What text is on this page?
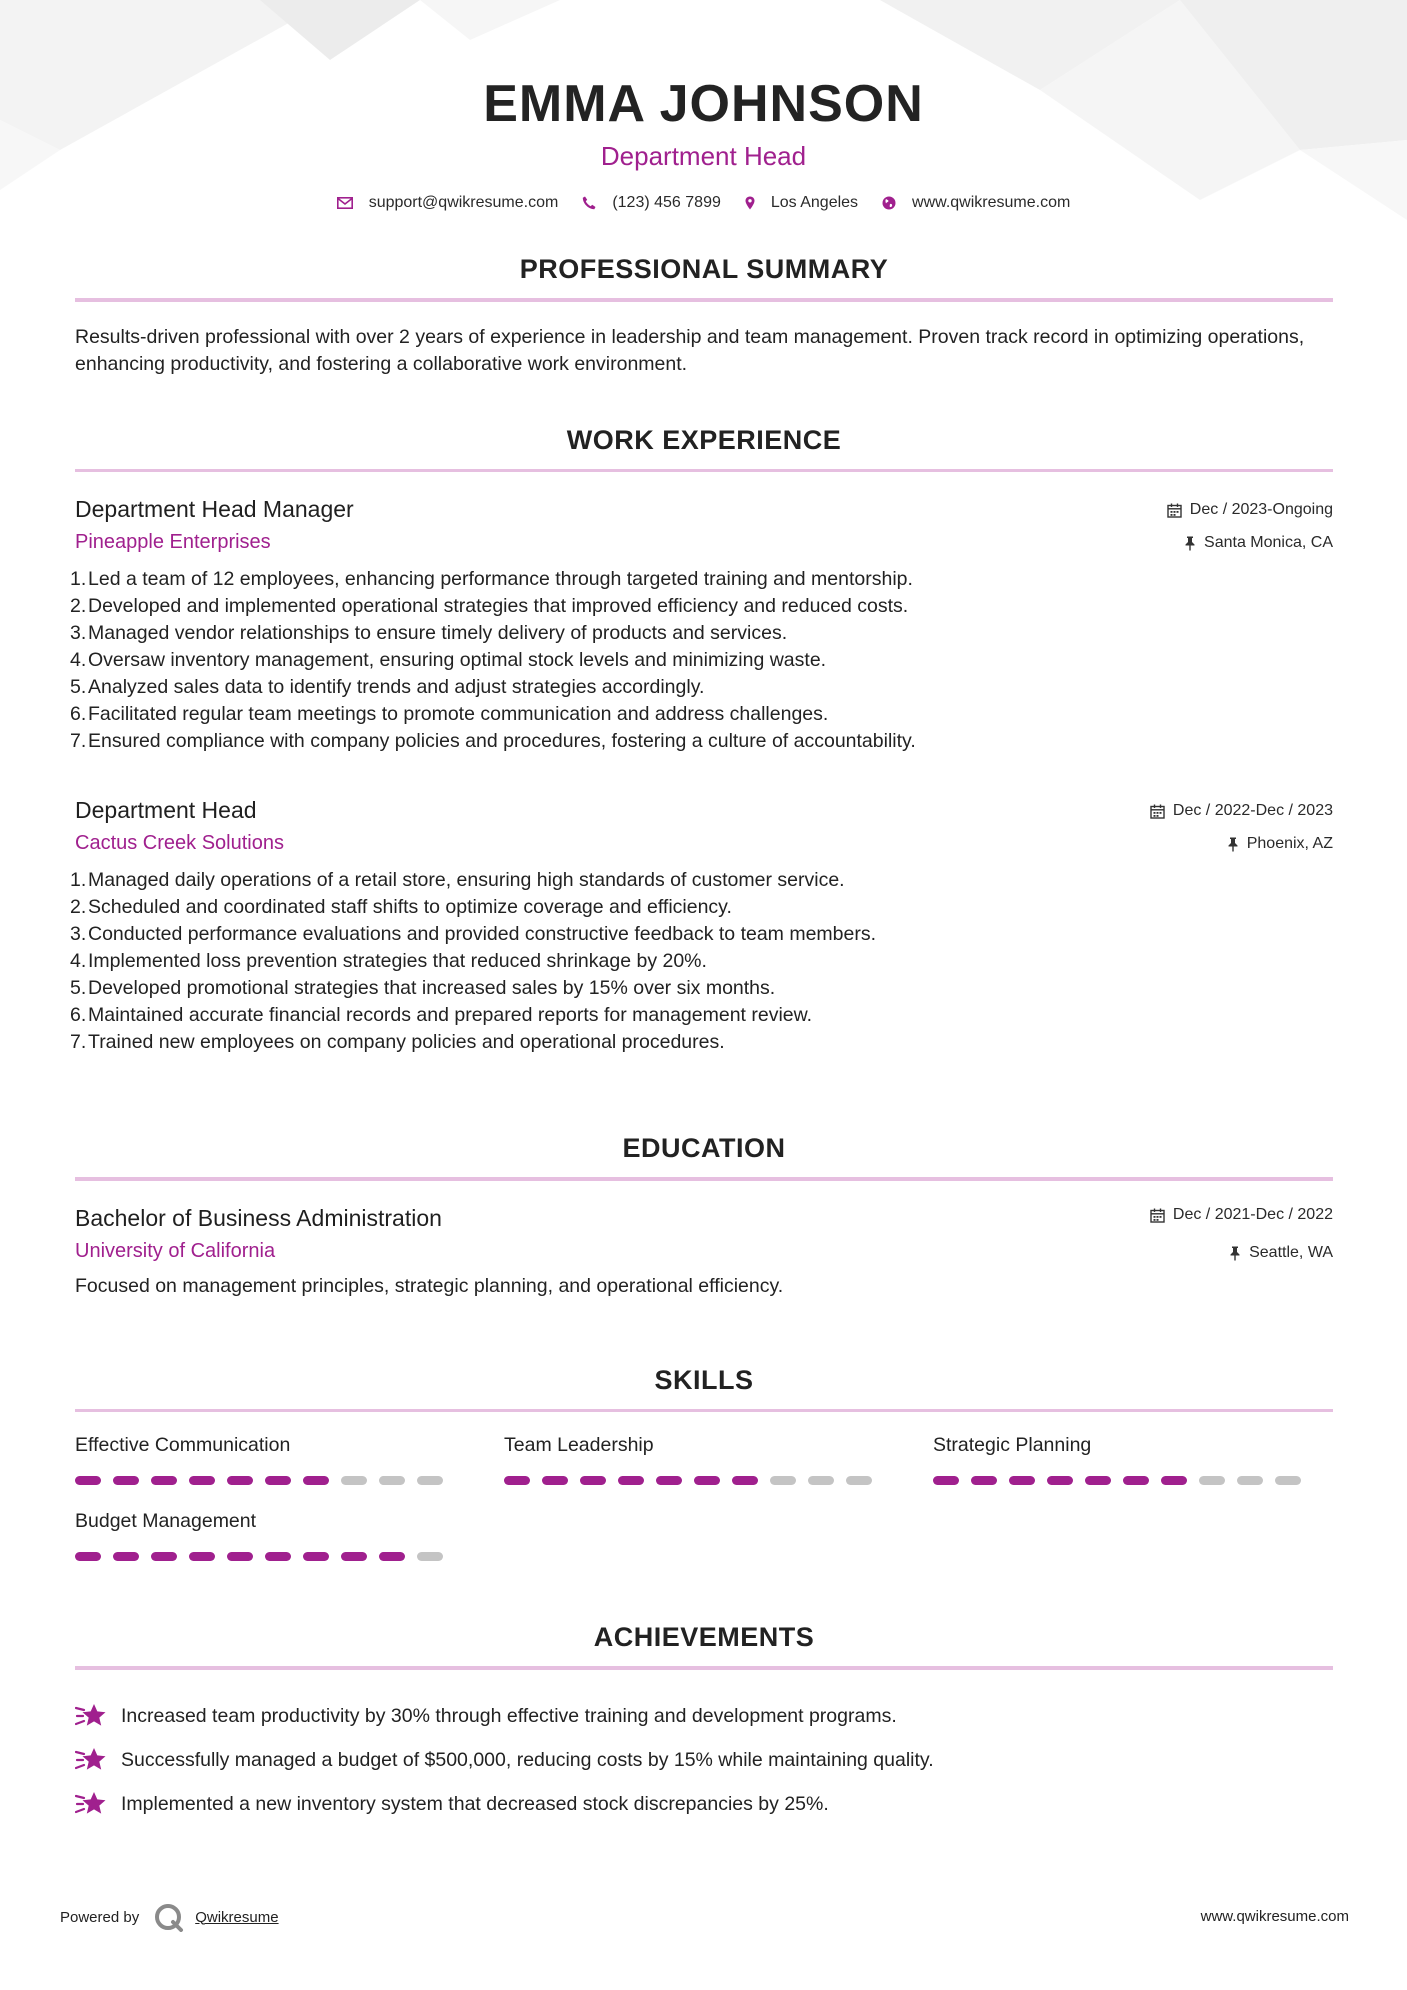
EMMA JOHNSON
Department Head
support@qwikresume.com	(123) 456 7899	Los Angeles	www.qwikresume.com
PROFESSIONAL SUMMARY
Results-driven professional with over 2 years of experience in leadership and team management. Proven track record in optimizing operations, enhancing productivity, and fostering a collaborative work environment.
WORK EXPERIENCE
Department Head Manager
Pineapple Enterprises
Dec / 2023-Ongoing
Santa Monica, CA
1. Led a team of 12 employees, enhancing performance through targeted training and mentorship.
2. Developed and implemented operational strategies that improved efficiency and reduced costs.
3. Managed vendor relationships to ensure timely delivery of products and services.
4. Oversaw inventory management, ensuring optimal stock levels and minimizing waste.
5. Analyzed sales data to identify trends and adjust strategies accordingly.
6. Facilitated regular team meetings to promote communication and address challenges.
7. Ensured compliance with company policies and procedures, fostering a culture of accountability.
Department Head
Cactus Creek Solutions
Dec / 2022-Dec / 2023
Phoenix, AZ
1. Managed daily operations of a retail store, ensuring high standards of customer service.
2. Scheduled and coordinated staff shifts to optimize coverage and efficiency.
3. Conducted performance evaluations and provided constructive feedback to team members.
4. Implemented loss prevention strategies that reduced shrinkage by 20%.
5. Developed promotional strategies that increased sales by 15% over six months.
6. Maintained accurate financial records and prepared reports for management review.
7. Trained new employees on company policies and operational procedures.
EDUCATION
Bachelor of Business Administration
University of California
Dec / 2021-Dec / 2022
Seattle, WA
Focused on management principles, strategic planning, and operational efficiency.
SKILLS
Effective Communication	Team Leadership	Strategic Planning
Budget Management
ACHIEVEMENTS
Increased team productivity by 30% through effective training and development programs.
Successfully managed a budget of $500,000, reducing costs by 15% while maintaining quality.
Implemented a new inventory system that decreased stock discrepancies by 25%.
Powered by	Qwikresume	www.qwikresume.com
